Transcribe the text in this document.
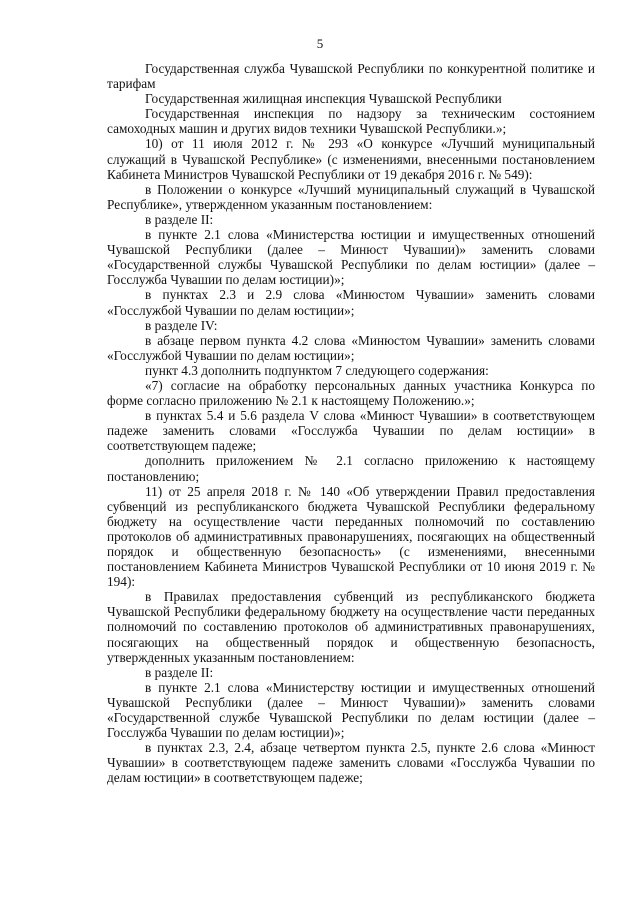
5

Государственная служба Чувашской Республики по конкурентной политике и тарифам

Государственная жилищная инспекция Чувашской Республики

Государственная инспекция по надзору за техническим состоянием самоходных машин и других видов техники Чувашской Республики.»;

10) от 11 июля 2012 г. № 293 «О конкурсе «Лучший муниципальный служащий в Чувашской Республике» (с изменениями, внесенными постановлением Кабинета Министров Чувашской Республики от 19 декабря 2016 г. № 549):

в Положении о конкурсе «Лучший муниципальный служащий в Чувашской Республике», утвержденном указанным постановлением:

в разделе II:

в пункте 2.1 слова «Министерства юстиции и имущественных отношений Чувашской Республики (далее – Минюст Чувашии)» заменить словами «Государственной службы Чувашской Республики по делам юстиции» (далее – Госслужба Чувашии по делам юстиции)»;

в пунктах 2.3 и 2.9 слова «Минюстом Чувашии» заменить словами «Госслужбой Чувашии по делам юстиции»;

в разделе IV:

в абзаце первом пункта 4.2 слова «Минюстом Чувашии» заменить словами «Госслужбой Чувашии по делам юстиции»;

пункт 4.3 дополнить подпунктом 7 следующего содержания:

«7) согласие на обработку персональных данных участника Конкурса по форме согласно приложению № 2.1 к настоящему Положению.»;

в пунктах 5.4 и 5.6 раздела V слова «Минюст Чувашии» в соответствующем падеже заменить словами «Госслужба Чувашии по делам юстиции» в соответствующем падеже;

дополнить приложением № 2.1 согласно приложению к настоящему постановлению;

11) от 25 апреля 2018 г. № 140 «Об утверждении Правил предоставления субвенций из республиканского бюджета Чувашской Республики федеральному бюджету на осуществление части переданных полномочий по составлению протоколов об административных правонарушениях, посягающих на общественный порядок и общественную безопасность» (с изменениями, внесенными постановлением Кабинета Министров Чувашской Республики от 10 июня 2019 г. № 194):

в Правилах предоставления субвенций из республиканского бюджета Чувашской Республики федеральному бюджету на осуществление части переданных полномочий по составлению протоколов об административных правонарушениях, посягающих на общественный порядок и общественную безопасность, утвержденных указанным постановлением:

в разделе II:

в пункте 2.1 слова «Министерству юстиции и имущественных отношений Чувашской Республики (далее – Минюст Чувашии)» заменить словами «Государственной службе Чувашской Республики по делам юстиции (далее – Госслужба Чувашии по делам юстиции)»;

в пунктах 2.3, 2.4, абзаце четвертом пункта 2.5, пункте 2.6 слова «Минюст Чувашии» в соответствующем падеже заменить словами «Госслужба Чувашии по делам юстиции» в соответствующем падеже;
